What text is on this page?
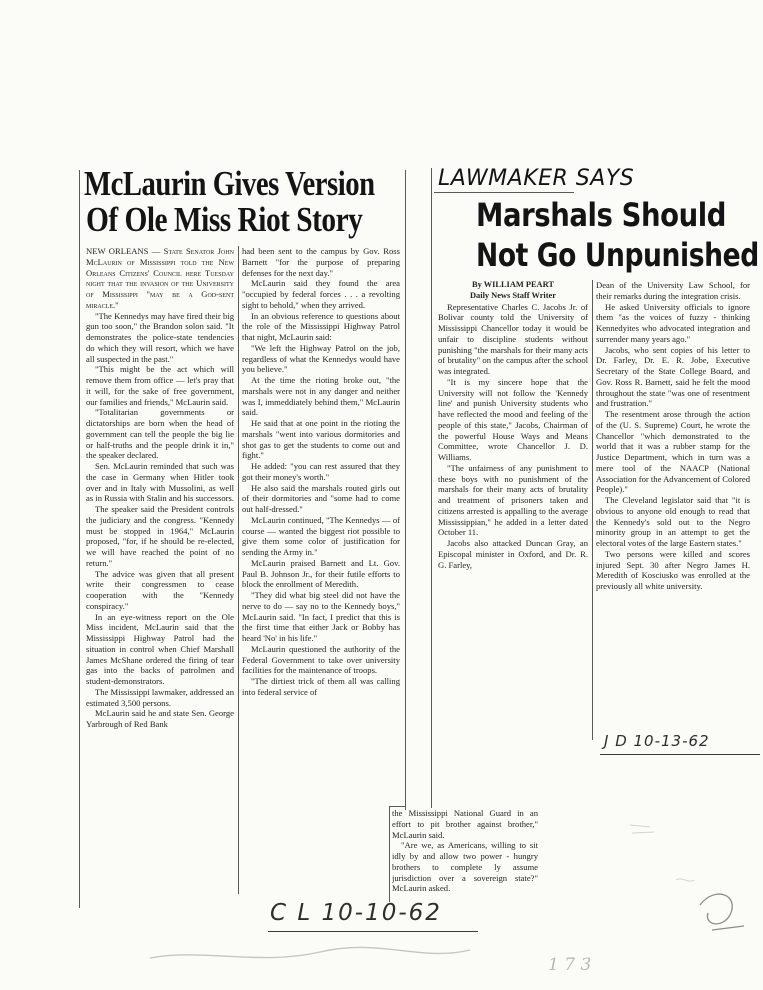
McLaurin Gives Version
Of Ole Miss Riot Story

NEW ORLEANS — State Senator John McLaurin of Mississippi told the New Orleans Citizens' Council here Tuesday night that the invasion of the University of Mississippi "may be a God-sent miracle."

"The Kennedys may have fired their big gun too soon," the Brandon solon said. "It demonstrates the police-state tendencies do which they will resort, which we have all suspected in the past."

"This might be the act which will remove them from office — let's pray that it will, for the sake of free government, our families and friends," McLaurin said.

"Totalitarian governments or dictatorships are born when the head of government can tell the people the big lie or half-truths and the people drink it in," the speaker declared.

Sen. McLaurin reminded that such was the case in Germany when Hitler took over and in Italy with Mussolini, as well as in Russia with Stalin and his successors.

The speaker said the President controls the judiciary and the congress. "Kennedy must be stopped in 1964," McLaurin proposed, "for, if he should be re-elected, we will have reached the point of no return."

The advice was given that all present write their congressmen to cease cooperation with the "Kennedy conspiracy."

In an eye-witness report on the Ole Miss incident, McLaurin said that the Mississippi Highway Patrol had the situation in control when Chief Marshall James McShane ordered the firing of tear gas into the backs of patrolmen and student-demonstrators.

The Mississippi lawmaker, addressed an estimated 3,500 persons.

McLaurin said he and state Sen. George Yarbrough of Red Bank

had been sent to the campus by Gov. Ross Barnett "for the purpose of preparing defenses for the next day."

McLaurin said they found the area "occupied by federal forces . . . a revolting sight to behold," when they arrived.

In an obvious reference to questions about the role of the Mississippi Highway Patrol that night, McLaurin said:

"We left the Highway Patrol on the job, regardless of what the Kennedys would have you believe."

At the time the rioting broke out, "the marshals were not in any danger and neither was I, immeddiately behind them," McLaurin said.

He said that at one point in the rioting the marshals "went into various dormitories and shot gas to get the students to come out and fight."

He added: "you can rest assured that they got their money's worth."

He also said the marshals routed girls out of their dormitories and "some had to come out half-dressed."

McLaurin continued, "The Kennedys — of course — wanted the biggest riot possible to give them some color of justification for sending the Army in."

McLaurin praised Barnett and Lt. Gov. Paul B. Johnson Jr., for their futile efforts to block the enrollment of Meredith.

"They did what big steel did not have the nerve to do — say no to the Kennedy boys," McLaurin said. "In fact, I predict that this is the first time that either Jack or Bobby has heard 'No' in his life."

McLaurin questioned the authority of the Federal Government to take over university facilities for the maintenance of troops.

"The dirtiest trick of them all was calling into federal service of

the Mississippi National Guard in an effort to pit brother against brother," McLaurin said.

"Are we, as Americans, willing to sit idly by and allow two power - hungry brothers to complete ly assume jurisdiction over a sovereign state?" McLaurin asked.

LAWMAKER SAYS
Marshals Should
Not Go Unpunished

By WILLIAM PEART

Daily News Staff Writer

Representative Charles C. Jacobs Jr. of Bolivar county told the University of Mississippi Chancellor today it would be unfair to discipline students without punishing "the marshals for their many acts of brutality" on the campus after the school was integrated.

"It is my sincere hope that the University will not follow the 'Kennedy line' and punish University students who have reflected the mood and feeling of the people of this state," Jacobs, Chairman of the powerful House Ways and Means Committee, wrote Chancellor J. D. Williams.

"The unfairness of any punishment to these boys with no punishment of the marshals for their many acts of brutality and treatment of prisoners taken and citizens arrested is appalling to the average Mississippian," he added in a letter dated October 11.

Jacobs also attacked Duncan Gray, an Episcopal minister in Oxford, and Dr. R. G. Farley,

Dean of the University Law School, for their remarks during the integration crisis.

He asked University officials to ignore them "as the voices of fuzzy - thinking Kennedyites who advocated integration and surrender many years ago."

Jacobs, who sent copies of his letter to Dr. Farley, Dr. E. R. Jobe, Executive Secretary of the State College Board, and Gov. Ross R. Barnett, said he felt the mood throughout the state "was one of resentment and frustration."

The resentment arose through the action of the (U. S. Supreme) Court, he wrote the Chancellor "which demonstrated to the world that it was a rubber stamp for the Justice Department, which in turn was a mere tool of the NAACP (National Association for the Advancement of Colored People)."

The Cleveland legislator said that "it is obvious to anyone old enough to read that the Kennedy's sold out to the Negro minority group in an attempt to get the electoral votes of the large Eastern states."

Two persons were killed and scores injured Sept. 30 after Negro James H. Meredith of Kosciusko was enrolled at the previously all white university.

J D 10-13-62
C L 10-10-62
1 7 3
